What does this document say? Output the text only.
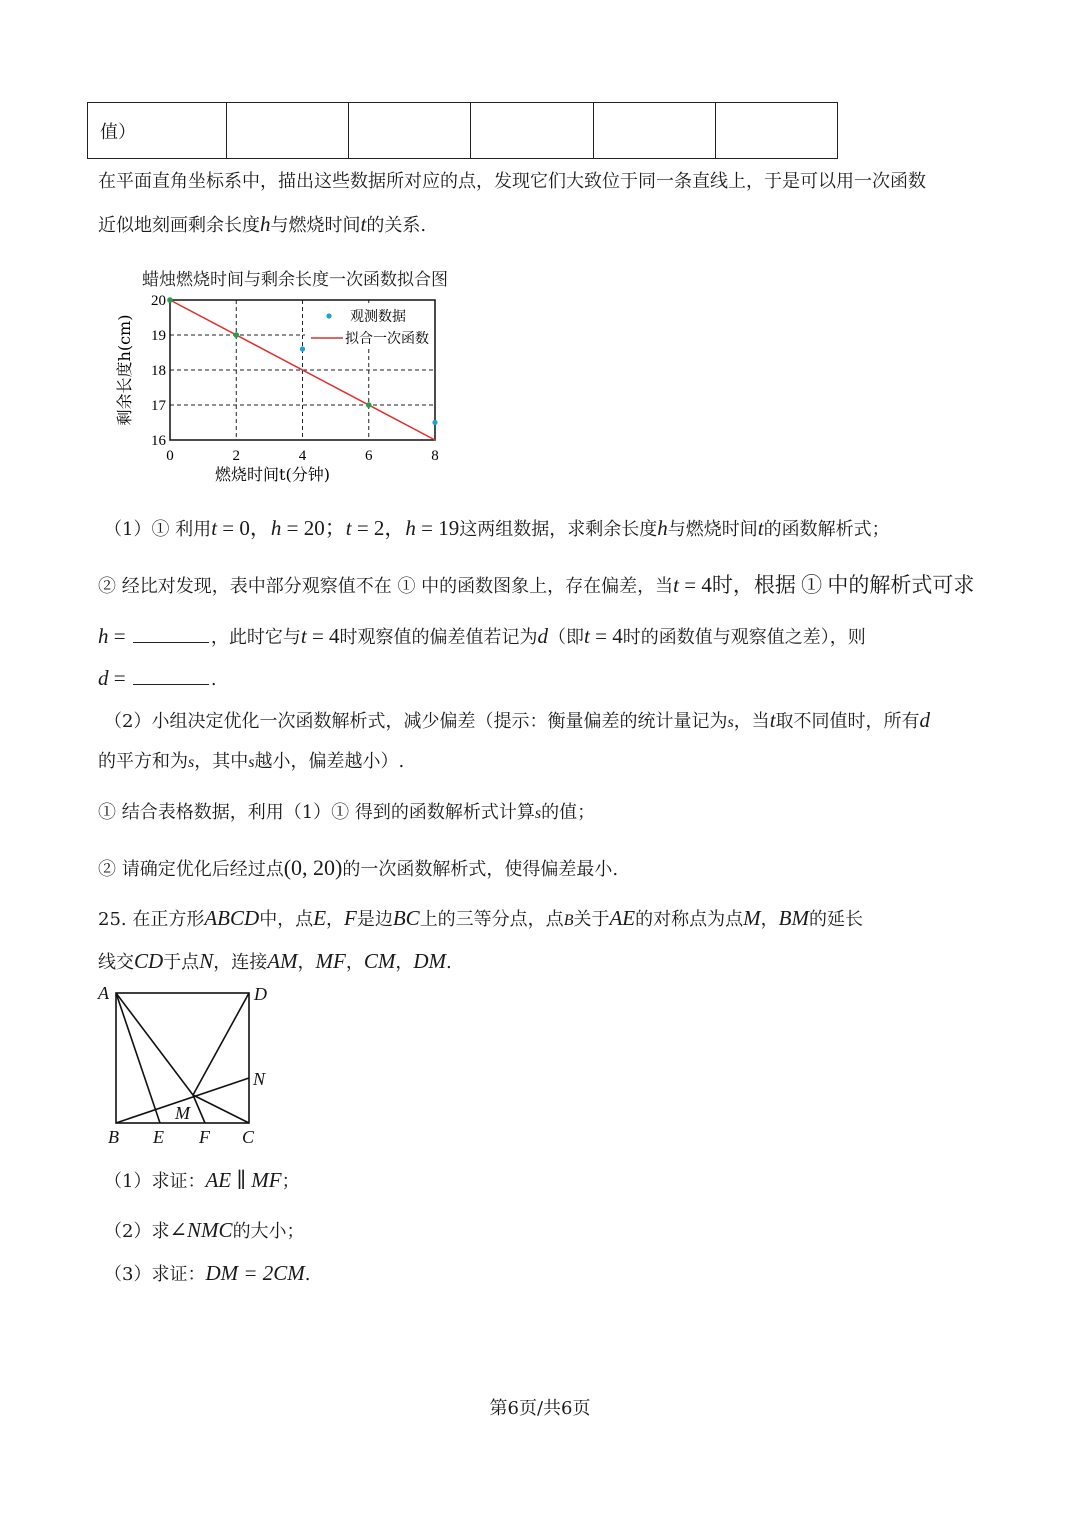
值）					
在平面直角坐标系中，描出这些数据所对应的点，发现它们大致位于同一条直线上，于是可以用一次函数
近似地刻画剩余长度h与燃烧时间t的关系.
蜡烛燃烧时间与剩余长度一次函数拟合图
0	2	4	6	8
16
17
18
19
20
燃烧时间t(分钟)
剩余长度h(cm)	观测数据
拟合一次函数
（1）① 利用t = 0，h = 20；t = 2，h = 19这两组数据，求剩余长度h与燃烧时间t的函数解析式；
② 经比对发现，表中部分观察值不在 ① 中的函数图象上，存在偏差，当t = 4时，根据 ① 中的解析式可求
h =	，此时它与t = 4时观察值的偏差值若记为d（即t = 4时的函数值与观察值之差），则
d =	.
（2）小组决定优化一次函数解析式，减少偏差（提示：衡量偏差的统计量记为s，当t取不同值时，所有d
的平方和为s，其中s越小，偏差越小）.
① 结合表格数据，利用（1）① 得到的函数解析式计算s的值；
② 请确定优化后经过点(0, 20)的一次函数解析式，使得偏差最小.
25. 在正方形ABCD中，点E，F是边BC上的三等分点，点B关于AE的对称点为点M，BM的延长
线交CD于点N，连接AM，MF，CM，DM.
A	D
N
M
B E F C
（1）求证：AE ∥ MF；
（2）求∠NMC的大小；
（3）求证：DM = 2CM.
第6页/共6页
